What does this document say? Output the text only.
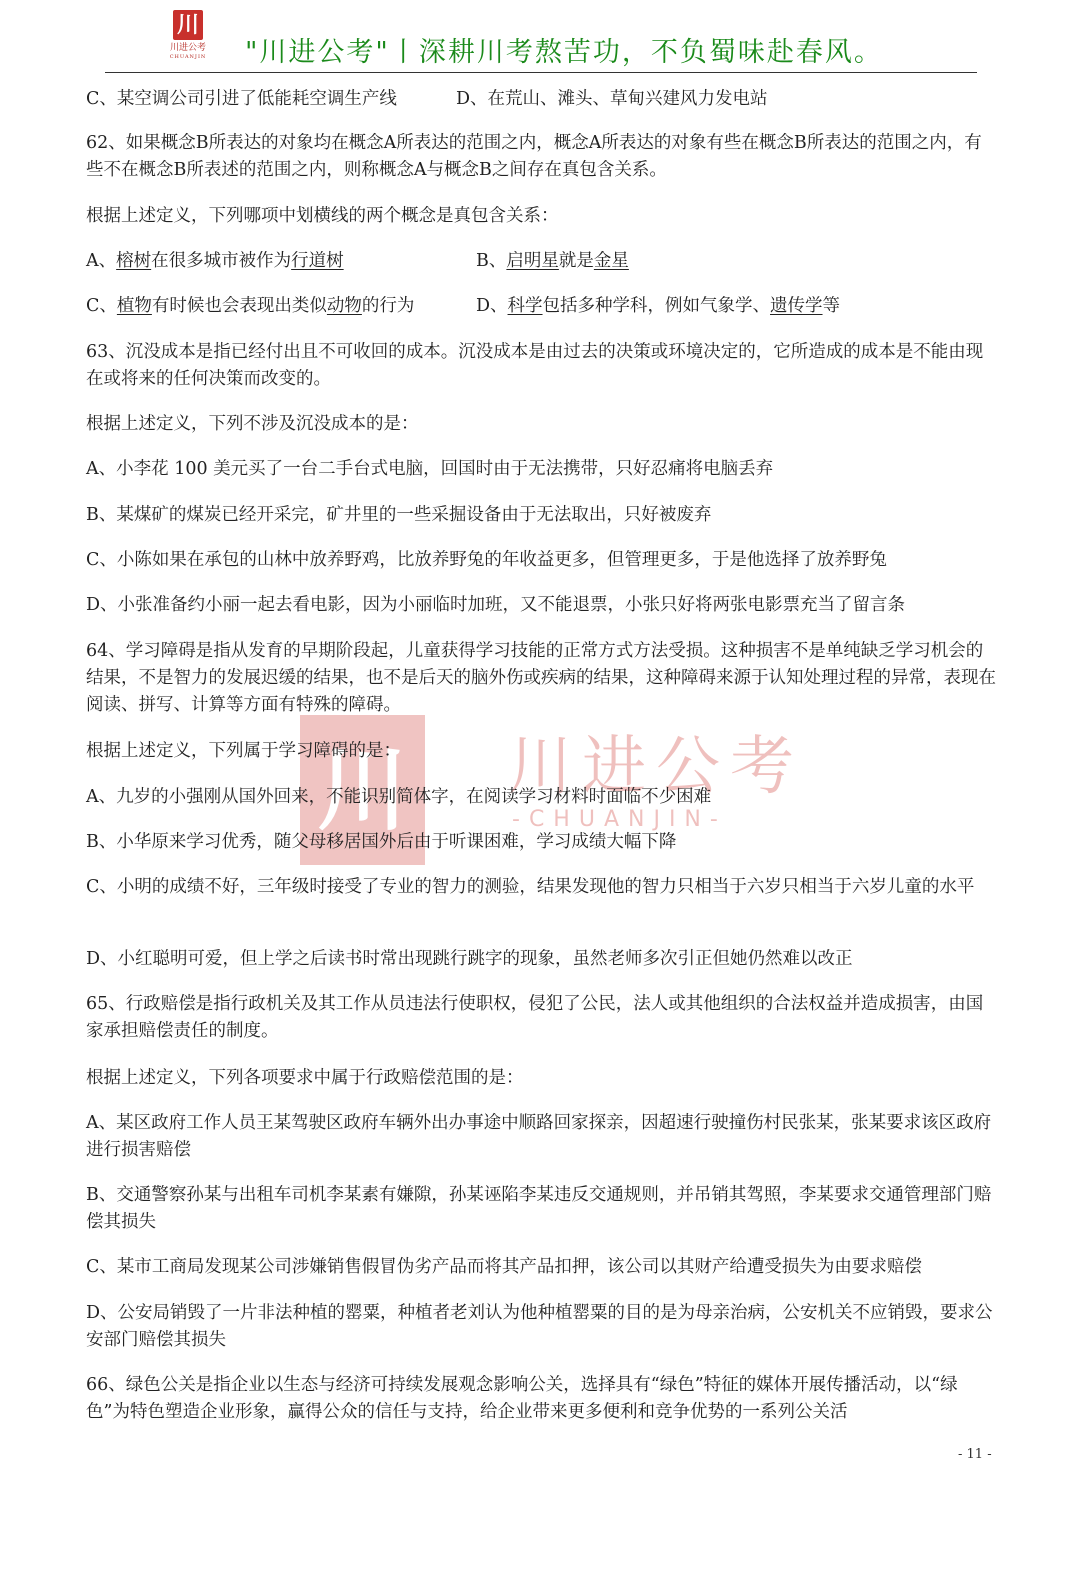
川
川进公考
CHUANJIN "川进公考"丨深耕川考熬苦功，不负蜀味赴春风。
川 川进公考
-CHUANJIN-
C、某空调公司引进了低能耗空调生产线	D、在荒山、滩头、草甸兴建风力发电站
62、如果概念B所表达的对象均在概念A所表达的范围之内，概念A所表达的对象有些在概念B所表达的范围之内，有些不在概念B所表述的范围之内，则称概念A与概念B之间存在真包含关系。
根据上述定义，下列哪项中划横线的两个概念是真包含关系：
A、榕树在很多城市被作为行道树	B、启明星就是金星
C、植物有时候也会表现出类似动物的行为	D、科学包括多种学科，例如气象学、遗传学等
63、沉没成本是指已经付出且不可收回的成本。沉没成本是由过去的决策或环境决定的，它所造成的成本是不能由现在或将来的任何决策而改变的。
根据上述定义，下列不涉及沉没成本的是：
A、小李花 100 美元买了一台二手台式电脑，回国时由于无法携带，只好忍痛将电脑丢弃
B、某煤矿的煤炭已经开采完，矿井里的一些采掘设备由于无法取出，只好被废弃
C、小陈如果在承包的山林中放养野鸡，比放养野兔的年收益更多，但管理更多，于是他选择了放养野兔
D、小张准备约小丽一起去看电影，因为小丽临时加班，又不能退票，小张只好将两张电影票充当了留言条
64、学习障碍是指从发育的早期阶段起，儿童获得学习技能的正常方式方法受损。这种损害不是单纯缺乏学习机会的结果，不是智力的发展迟缓的结果，也不是后天的脑外伤或疾病的结果，这种障碍来源于认知处理过程的异常，表现在阅读、拼写、计算等方面有特殊的障碍。
根据上述定义，下列属于学习障碍的是：
A、九岁的小强刚从国外回来，不能识别简体字，在阅读学习材料时面临不少困难
B、小华原来学习优秀，随父母移居国外后由于听课困难，学习成绩大幅下降
C、小明的成绩不好，三年级时接受了专业的智力的测验，结果发现他的智力只相当于六岁只相当于六岁儿童的水平
D、小红聪明可爱，但上学之后读书时常出现跳行跳字的现象，虽然老师多次引正但她仍然难以改正
65、行政赔偿是指行政机关及其工作从员违法行使职权，侵犯了公民，法人或其他组织的合法权益并造成损害，由国家承担赔偿责任的制度。
根据上述定义，下列各项要求中属于行政赔偿范围的是：
A、某区政府工作人员王某驾驶区政府车辆外出办事途中顺路回家探亲，因超速行驶撞伤村民张某，张某要求该区政府进行损害赔偿
B、交通警察孙某与出租车司机李某素有嫌隙，孙某诬陷李某违反交通规则，并吊销其驾照，李某要求交通管理部门赔偿其损失
C、某市工商局发现某公司涉嫌销售假冒伪劣产品而将其产品扣押，该公司以其财产给遭受损失为由要求赔偿
D、公安局销毁了一片非法种植的罂粟，种植者老刘认为他种植罂粟的目的是为母亲治病，公安机关不应销毁，要求公安部门赔偿其损失
66、绿色公关是指企业以生态与经济可持续发展观念影响公关，选择具有“绿色”特征的媒体开展传播活动，以“绿色”为特色塑造企业形象，赢得公众的信任与支持，给企业带来更多便利和竞争优势的一系列公关活
- 11 -
